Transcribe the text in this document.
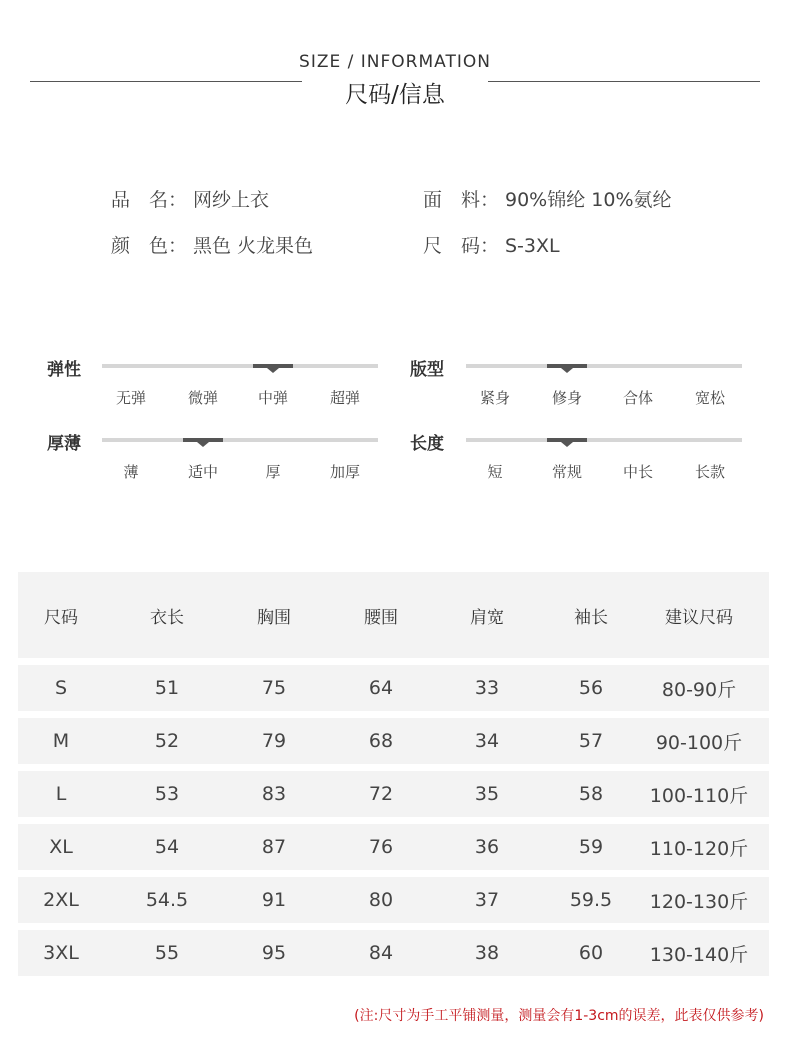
SIZE / INFORMATION
尺码/信息
品　名： 网纱上衣	面　料： 90%锦纶 10%氨纶
颜　色： 黑色 火龙果色	尺　码： S-3XL
弹性
无弹	微弹	中弹	超弹
版型
紧身	修身	合体	宽松
厚薄
薄	适中	厚	加厚
长度
短	常规	中长	长款
尺码	衣长	胸围	腰围	肩宽	袖长	建议尺码
S	51	75	64	33	56	80-90斤
M	52	79	68	34	57	90-100斤
L	53	83	72	35	58	100-110斤
XL	54	87	76	36	59	110-120斤
2XL	54.5	91	80	37	59.5	120-130斤
3XL	55	95	84	38	60	130-140斤
(注:尺寸为手工平铺测量，测量会有1-3cm的误差，此表仅供参考)
